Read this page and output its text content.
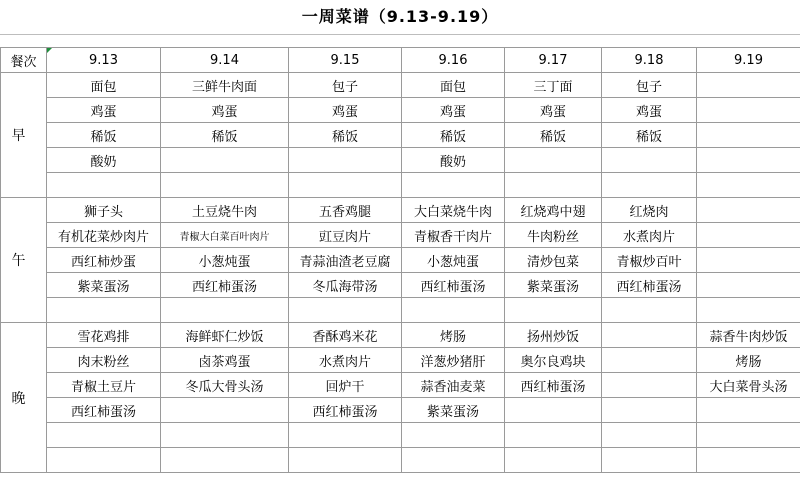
一周菜谱（9.13-9.19）
餐次	9.13	9.14	9.15	9.16	9.17	9.18	9.19
早	面包	三鲜牛肉面	包子	面包	三丁面	包子	
	鸡蛋	鸡蛋	鸡蛋	鸡蛋	鸡蛋	鸡蛋	
	稀饭	稀饭	稀饭	稀饭	稀饭	稀饭	
	酸奶			酸奶			

午	狮子头	土豆烧牛肉	五香鸡腿	大白菜烧牛肉	红烧鸡中翅	红烧肉	
	有机花菜炒肉片	青椒大白菜百叶肉片	豇豆肉片	青椒香干肉片	牛肉粉丝	水煮肉片	
	西红柿炒蛋	小葱炖蛋	青蒜油渣老豆腐	小葱炖蛋	清炒包菜	青椒炒百叶	
	紫菜蛋汤	西红柿蛋汤	冬瓜海带汤	西红柿蛋汤	紫菜蛋汤	西红柿蛋汤	

晚	雪花鸡排	海鲜虾仁炒饭	香酥鸡米花	烤肠	扬州炒饭		蒜香牛肉炒饭
	肉末粉丝	卤茶鸡蛋	水煮肉片	洋葱炒猪肝	奥尔良鸡块		烤肠
	青椒土豆片	冬瓜大骨头汤	回炉干	蒜香油麦菜	西红柿蛋汤		大白菜骨头汤
	西红柿蛋汤		西红柿蛋汤	紫菜蛋汤			
